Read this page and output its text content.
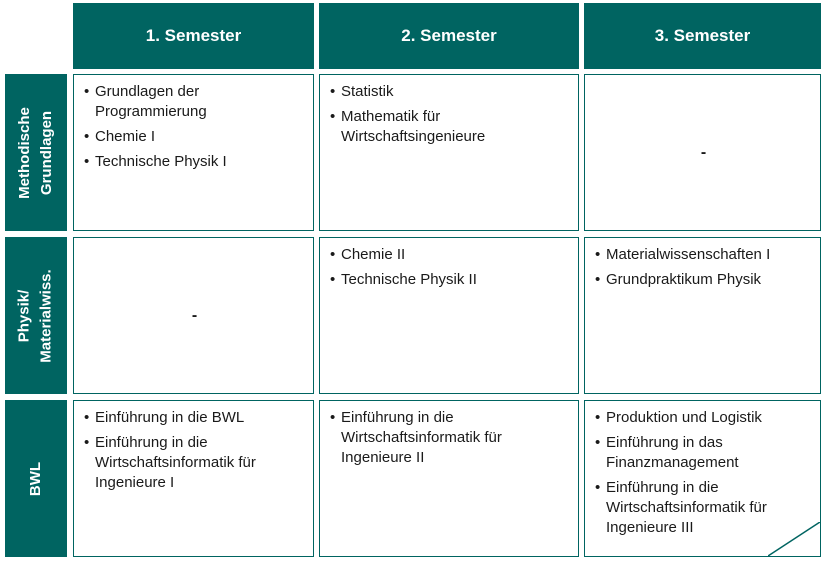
1. Semester	2. Semester	3. Semester
Methodische Grundlagen
Physik/ Materialwiss.
BWL
• Grundlagen der Programmierung
• Chemie I
• Technische Physik I
• Statistik
• Mathematik für Wirtschaftsingenieure
-
-
• Chemie II
• Technische Physik II
• Materialwissenschaften I
• Grundpraktikum Physik
• Einführung in die BWL
• Einführung in die Wirtschaftsinformatik für Ingenieure I
• Einführung in die Wirtschaftsinformatik für Ingenieure II
• Produktion und Logistik
• Einführung in das Finanzmanagement
• Einführung in die Wirtschaftsinformatik für Ingenieure III
